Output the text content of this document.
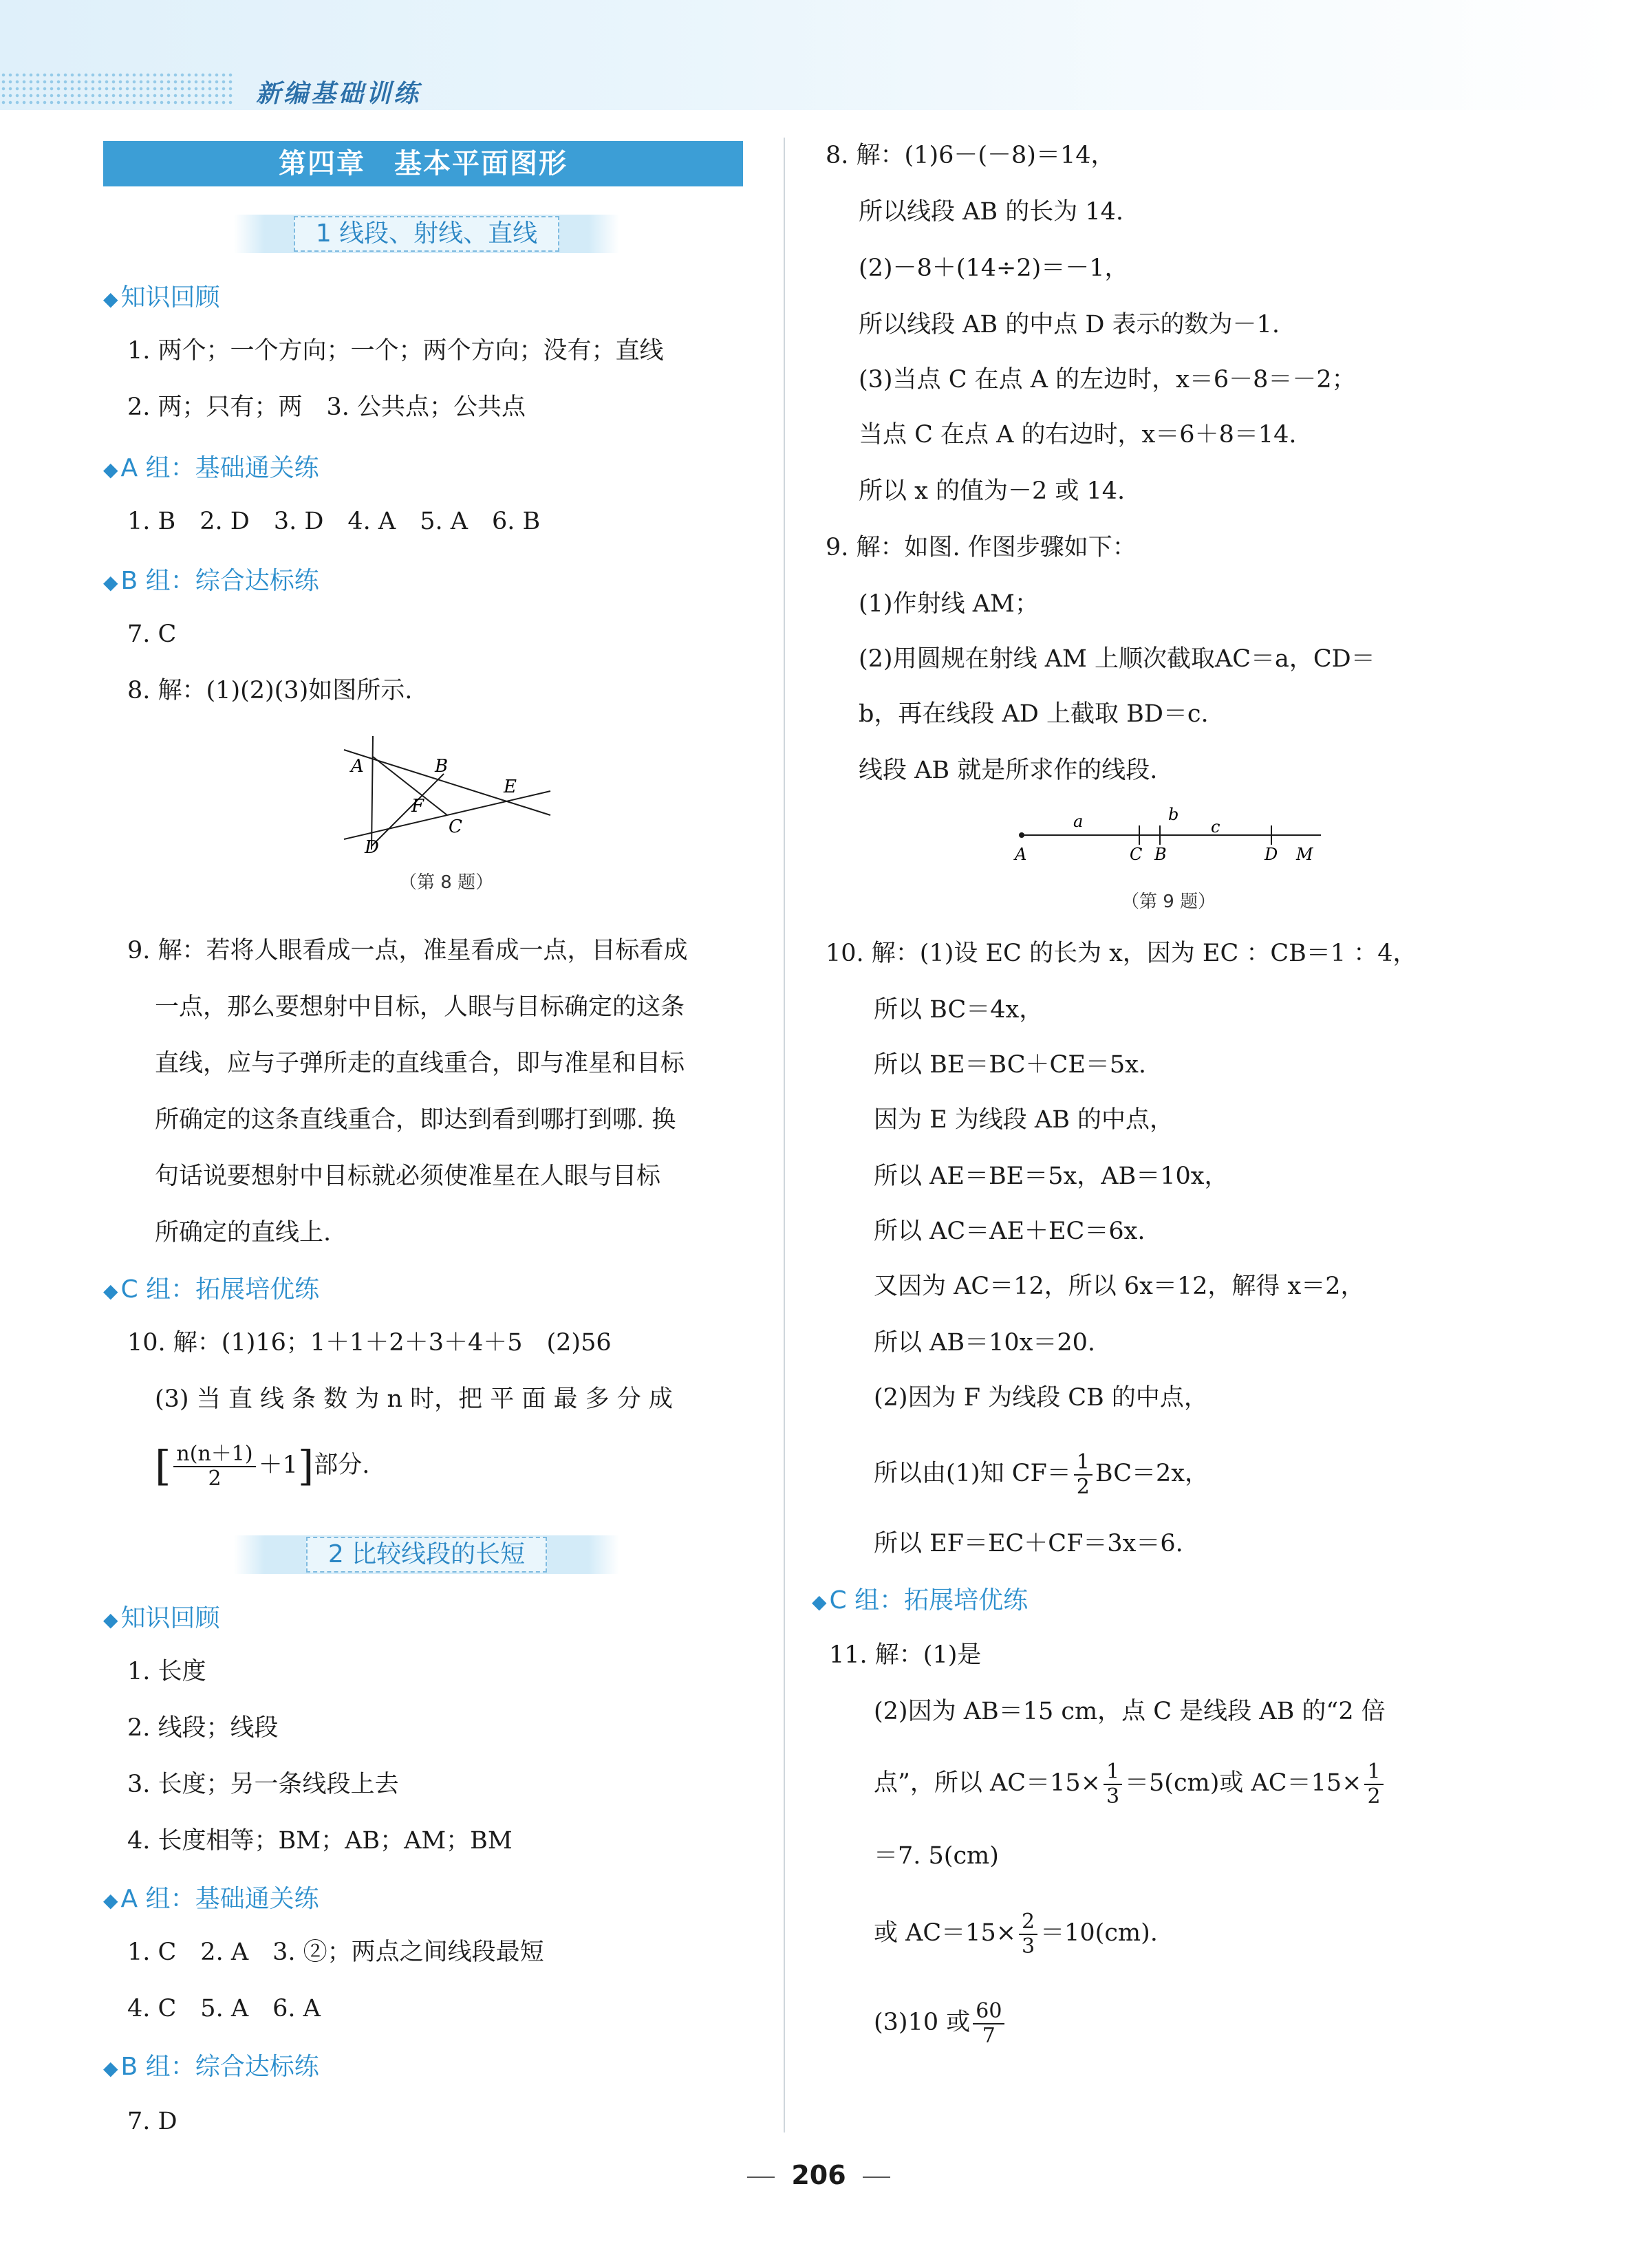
新编基础训练
第四章　基本平面图形
1 线段、射线、直线
◆ 知识回顾
1. 两个；一个方向；一个；两个方向；没有；直线
2. 两；只有；两　3. 公共点；公共点
◆ A 组：基础通关练
1. B　2. D　3. D　4. A　5. A　6. B
◆ B 组：综合达标练
7. C
8. 解：(1)(2)(3)如图所示.
A	B
E
F
C
D
（第 8 题）
9. 解：若将人眼看成一点，准星看成一点，目标看成
一点，那么要想射中目标，人眼与目标确定的这条
直线，应与子弹所走的直线重合，即与准星和目标
所确定的这条直线重合，即达到看到哪打到哪. 换
句话说要想射中目标就必须使准星在人眼与目标
所确定的直线上.
◆ C 组：拓展培优练
10. 解：(1)16；1＋1＋2＋3＋4＋5　(2)56
(3) 当 直 线 条 数 为 n 时，把 平 面 最 多 分 成
[ $\frac{n(n+1)}{2} +1$]部分.
2 比较线段的长短
◆ 知识回顾
1. 长度
2. 线段；线段
3. 长度；另一条线段上去
4. 长度相等；BM；AB；AM；BM
◆ A 组：基础通关练
1. C　2. A　3. ②；两点之间线段最短
4. C　5. A　6. A
◆ B 组：综合达标练
7. D
8. 解：(1)6－(－8)＝14，
所以线段 AB 的长为 14.
(2)－8＋(14÷2)＝－1，
所以线段 AB 的中点 D 表示的数为－1.
(3)当点 C 在点 A 的左边时，x＝6－8＝－2；
当点 C 在点 A 的右边时，x＝6＋8＝14.
所以 x 的值为－2 或 14.
9. 解：如图. 作图步骤如下：
(1)作射线 AM；
(2)用圆规在射线 AM 上顺次截取AC＝a，CD＝
b，再在线段 AD 上截取 BD＝c.
线段 AB 就是所求作的线段.
a	b
c
A	C B	D M
（第 9 题）
10. 解：(1)设 EC 的长为 x，因为 EC ：CB＝1 ：4，
所以 BC＝4x，
所以 BE＝BC＋CE＝5x.
因为 E 为线段 AB 的中点，
所以 AE＝BE＝5x，AB＝10x，
所以 AC＝AE＋EC＝6x.
又因为 AC＝12，所以 6x＝12，解得 x＝2，
所以 AB＝10x＝20.
(2)因为 F 为线段 CB 的中点，
所以由(1)知 $CF= \frac{1}{2} BC=2x$，
所以 EF＝EC＋CF＝3x＝6.
◆ C 组：拓展培优练
11. 解：(1)是
(2)因为 AB＝15 cm，点 C 是线段 AB 的“2 倍
点”，所以 $AC=15\times \frac{1}{3} =5(cm)$或 $AC=15\times \frac{1}{2}$
＝7. 5(cm)
或 $AC=15\times \frac{2}{3} =10(cm)$.
(3)10 或 $\frac{60}{7}$
206
